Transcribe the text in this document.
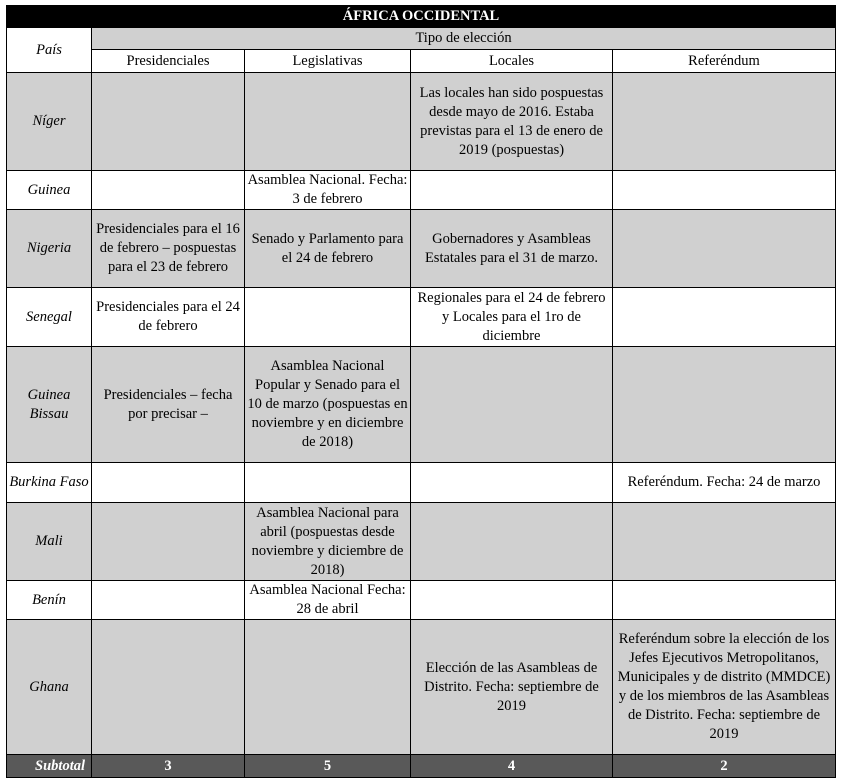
ÁFRICA OCCIDENTAL				
País	Tipo de elección			
	Presidenciales	Legislativas	Locales	Referéndum
Níger			Las locales han sido pospuestas desde mayo de 2016. Estaba previstas para el 13 de enero de 2019 (pospuestas)	
Guinea		Asamblea Nacional. Fecha: 3 de febrero		
Nigeria	Presidenciales para el 16 de febrero – pospuestas para el 23 de febrero	Senado y Parlamento para el 24 de febrero	Gobernadores y Asambleas Estatales para el 31 de marzo.	
Senegal	Presidenciales para el 24 de febrero		Regionales para el 24 de febrero y Locales para el 1ro de diciembre	
Guinea Bissau	Presidenciales – fecha por precisar –	Asamblea Nacional Popular y Senado para el 10 de marzo (pospuestas en noviembre y en diciembre de 2018)		
Burkina Faso				Referéndum. Fecha: 24 de marzo
Mali		Asamblea Nacional para abril (pospuestas desde noviembre y diciembre de 2018)		
Benín		Asamblea Nacional Fecha: 28 de abril		
Ghana			Elección de las Asambleas de Distrito. Fecha: septiembre de 2019	Referéndum sobre la elección de los Jefes Ejecutivos Metropolitanos, Municipales y de distrito (MMDCE) y de los miembros de las Asambleas de Distrito. Fecha: septiembre de 2019
Subtotal	3	5	4	2
